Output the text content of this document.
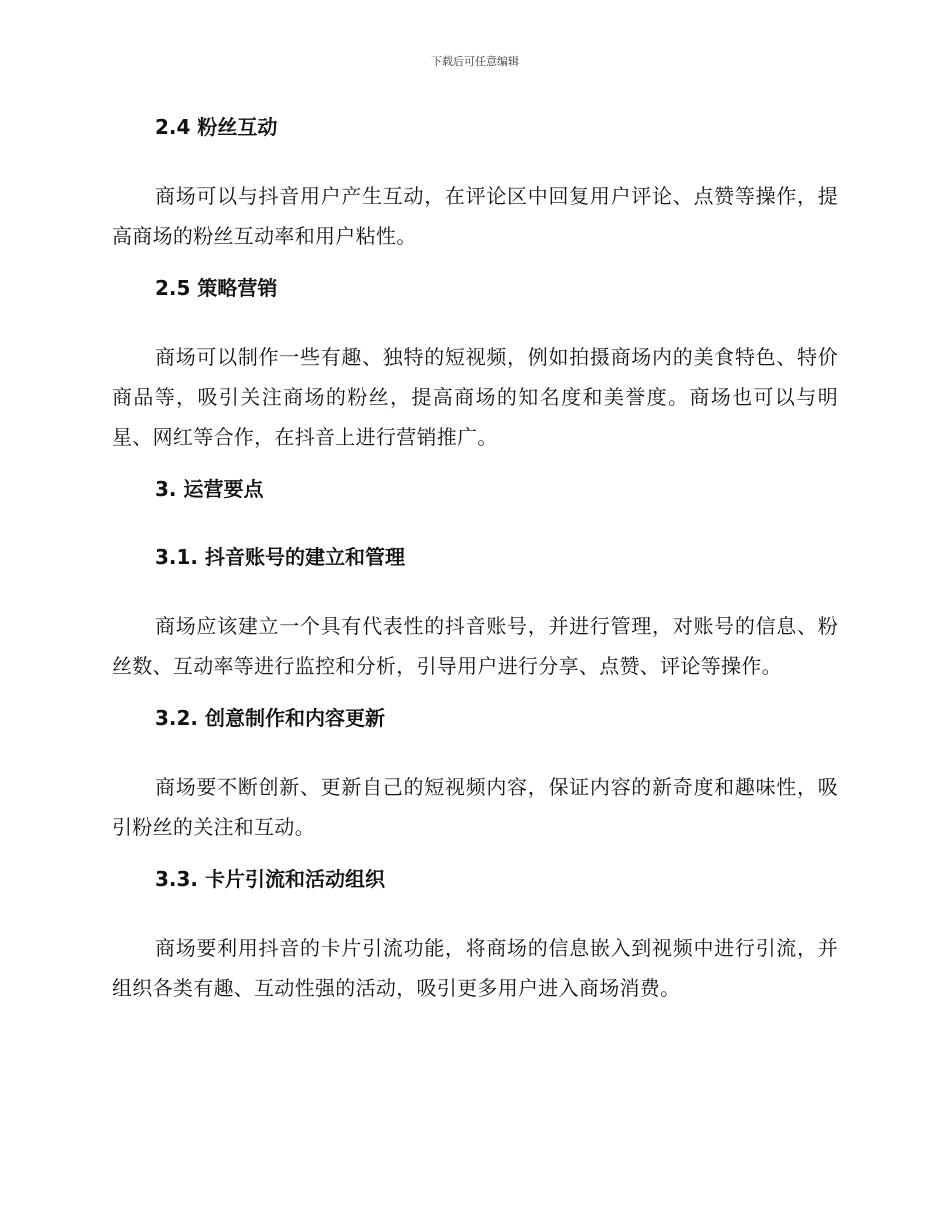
下载后可任意编辑
2.4 粉丝互动

商场可以与抖音用户产生互动，在评论区中回复用户评论、点赞等操作，提高商场的粉丝互动率和用户粘性。

2.5 策略营销

商场可以制作一些有趣、独特的短视频，例如拍摄商场内的美食特色、特价商品等，吸引关注商场的粉丝，提高商场的知名度和美誉度。商场也可以与明星、网红等合作，在抖音上进行营销推广。

3. 运营要点
3.1. 抖音账号的建立和管理

商场应该建立一个具有代表性的抖音账号，并进行管理，对账号的信息、粉丝数、互动率等进行监控和分析，引导用户进行分享、点赞、评论等操作。

3.2. 创意制作和内容更新

商场要不断创新、更新自己的短视频内容，保证内容的新奇度和趣味性，吸引粉丝的关注和互动。

3.3. 卡片引流和活动组织

商场要利用抖音的卡片引流功能，将商场的信息嵌入到视频中进行引流，并组织各类有趣、互动性强的活动，吸引更多用户进入商场消费。
